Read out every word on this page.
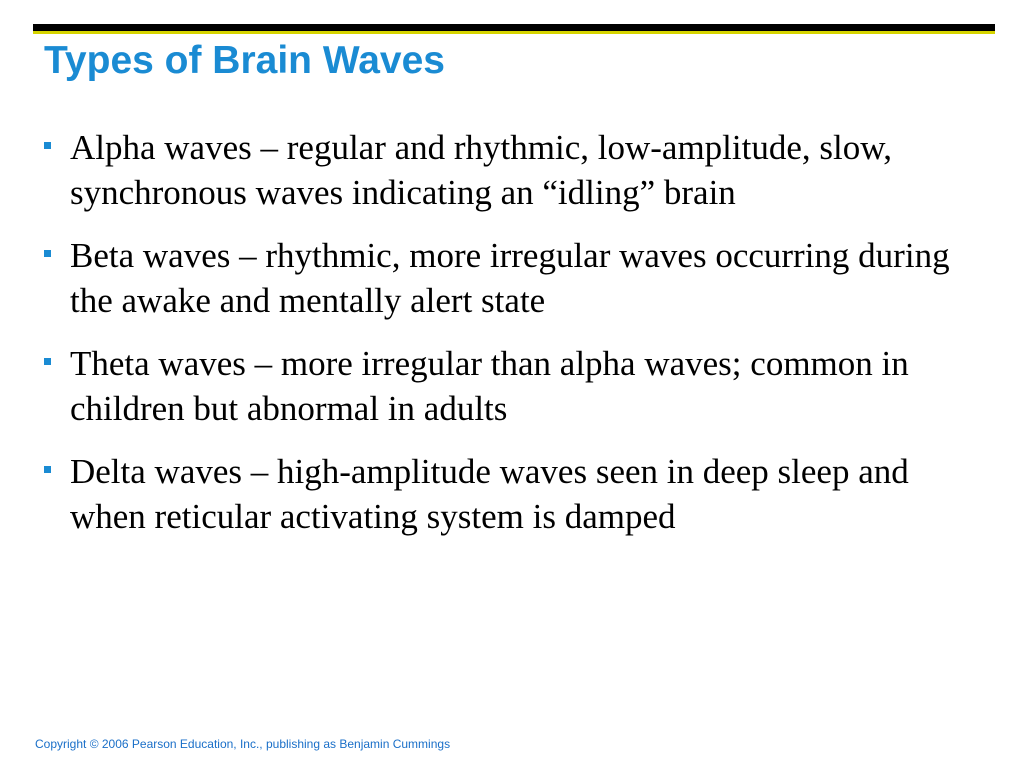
Types of Brain Waves
Alpha waves – regular and rhythmic, low-amplitude, slow, synchronous waves indicating an “idling” brain
Beta waves – rhythmic, more irregular waves occurring during the awake and mentally alert state
Theta waves – more irregular than alpha waves; common in children but abnormal in adults
Delta waves – high-amplitude waves seen in deep sleep and when reticular activating system is damped
Copyright © 2006 Pearson Education, Inc., publishing as Benjamin Cummings
